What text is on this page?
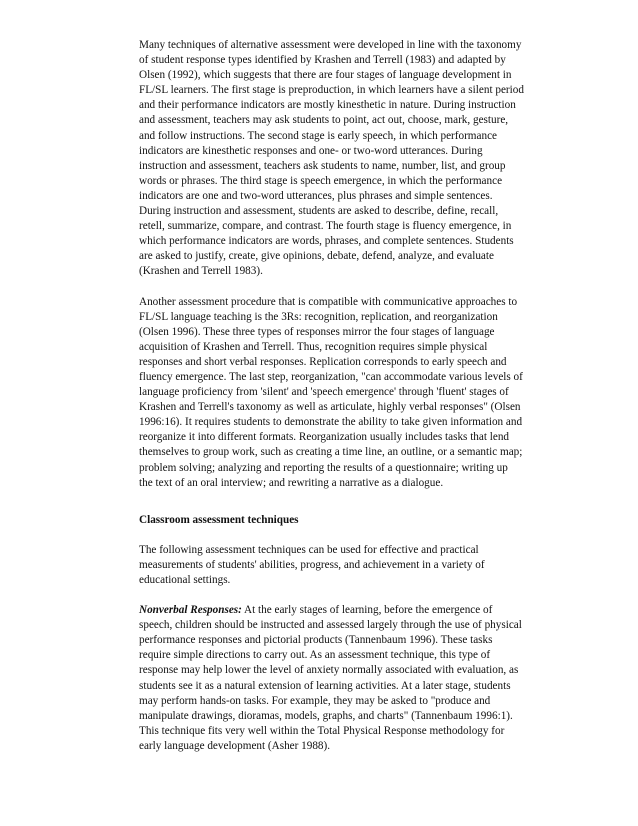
Many techniques of alternative assessment were developed in line with the taxonomy of student response types identified by Krashen and Terrell (1983) and adapted by Olsen (1992), which suggests that there are four stages of language development in FL/SL learners. The first stage is preproduction, in which learners have a silent period and their performance indicators are mostly kinesthetic in nature. During instruction and assessment, teachers may ask students to point, act out, choose, mark, gesture, and follow instructions. The second stage is early speech, in which performance indicators are kinesthetic responses and one- or two-word utterances. During instruction and assessment, teachers ask students to name, number, list, and group words or phrases. The third stage is speech emergence, in which the performance indicators are one and two-word utterances, plus phrases and simple sentences. During instruction and assessment, students are asked to describe, define, recall, retell, summarize, compare, and contrast. The fourth stage is fluency emergence, in which performance indicators are words, phrases, and complete sentences. Students are asked to justify, create, give opinions, debate, defend, analyze, and evaluate (Krashen and Terrell 1983).

Another assessment procedure that is compatible with communicative approaches to FL/SL language teaching is the 3Rs: recognition, replication, and reorganization (Olsen 1996). These three types of responses mirror the four stages of language acquisition of Krashen and Terrell. Thus, recognition requires simple physical responses and short verbal responses. Replication corresponds to early speech and fluency emergence. The last step, reorganization, "can accommodate various levels of language proficiency from 'silent' and 'speech emergence' through 'fluent' stages of Krashen and Terrell's taxonomy as well as articulate, highly verbal responses" (Olsen 1996:16). It requires students to demonstrate the ability to take given information and reorganize it into different formats. Reorganization usually includes tasks that lend themselves to group work, such as creating a time line, an outline, or a semantic map; problem solving; analyzing and reporting the results of a questionnaire; writing up the text of an oral interview; and rewriting a narrative as a dialogue.

Classroom assessment techniques

The following assessment techniques can be used for effective and practical measurements of students' abilities, progress, and achievement in a variety of educational settings.

Nonverbal Responses: At the early stages of learning, before the emergence of speech, children should be instructed and assessed largely through the use of physical performance responses and pictorial products (Tannenbaum 1996). These tasks require simple directions to carry out. As an assessment technique, this type of response may help lower the level of anxiety normally associated with evaluation, as students see it as a natural extension of learning activities. At a later stage, students may perform hands-on tasks. For example, they may be asked to "produce and manipulate drawings, dioramas, models, graphs, and charts" (Tannenbaum 1996:1). This technique fits very well within the Total Physical Response methodology for early language development (Asher 1988).
